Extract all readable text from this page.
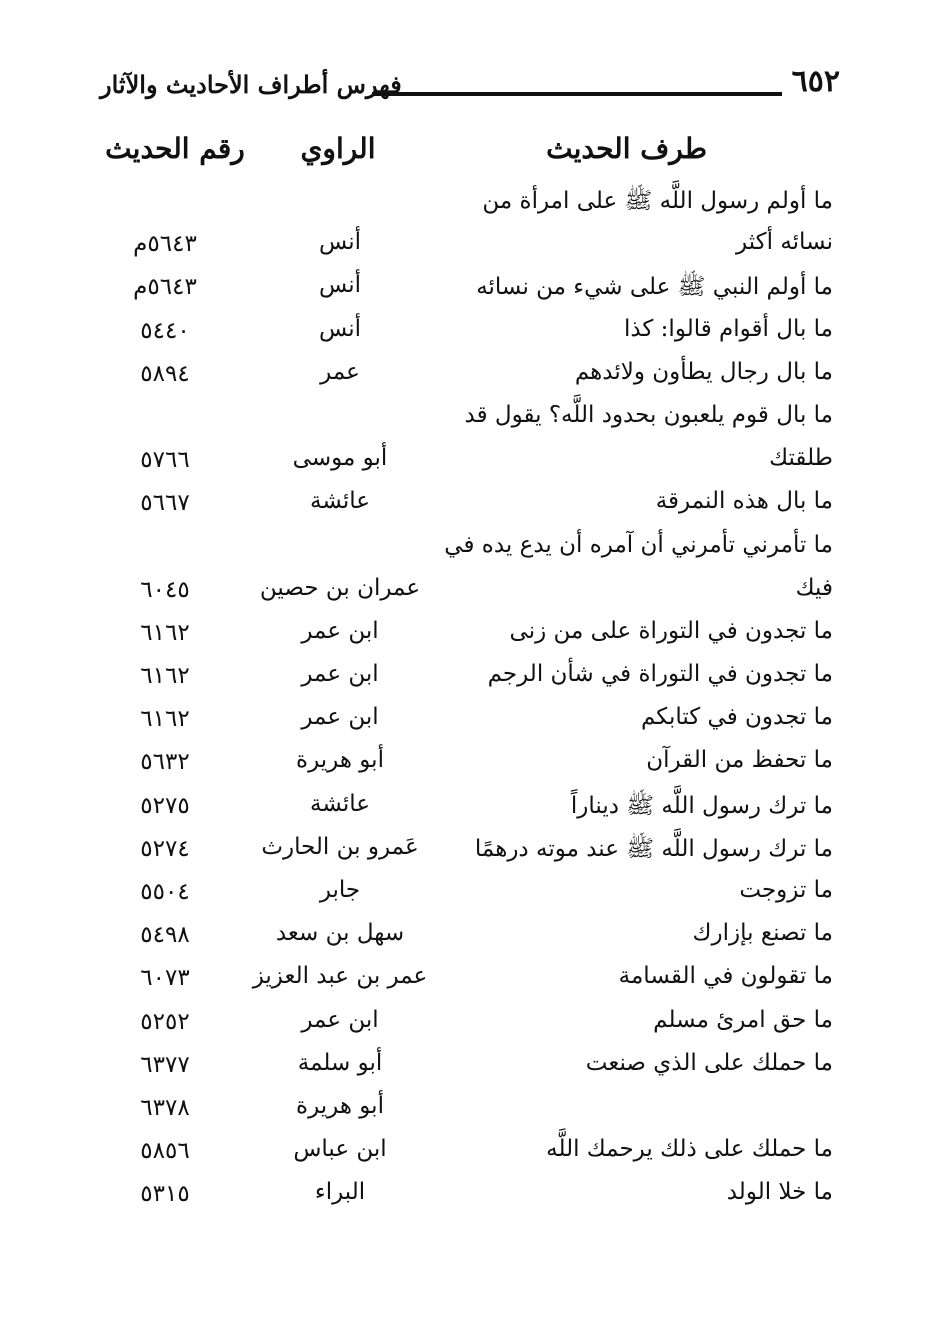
٦٥٢
فهرس أطراف الأحاديث والآثار
طرف الحديث
الراوي
رقم الحديث
ما أولم رسول اللَّه ﷺ على امرأة من
نسائه أكثر
أنس
٥٦٤٣م
ما أولم النبي ﷺ على شيء من نسائه
أنس
٥٦٤٣م
ما بال أقوام قالوا: كذا
أنس
٥٤٤٠
ما بال رجال يطأون ولائدهم
عمر
٥٨٩٤
ما بال قوم يلعبون بحدود اللَّه؟ يقول قد
طلقتك
أبو موسى
٥٧٦٦
ما بال هذه النمرقة
عائشة
٥٦٦٧
ما تأمرني تأمرني أن آمره أن يدع يده في
فيك
عمران بن حصين
٦٠٤٥
ما تجدون في التوراة على من زنى
ابن عمر
٦١٦٢
ما تجدون في التوراة في شأن الرجم
ابن عمر
٦١٦٢
ما تجدون في كتابكم
ابن عمر
٦١٦٢
ما تحفظ من القرآن
أبو هريرة
٥٦٣٢
ما ترك رسول اللَّه ﷺ ديناراً
عائشة
٥٢٧٥
ما ترك رسول اللَّه ﷺ عند موته درهمًا
عَمرو بن الحارث
٥٢٧٤
ما تزوجت
جابر
٥٥٠٤
ما تصنع بإزارك
سهل بن سعد
٥٤٩٨
ما تقولون في القسامة
عمر بن عبد العزيز
٦٠٧٣
ما حق امرئ مسلم
ابن عمر
٥٢٥٢
ما حملك على الذي صنعت
أبو سلمة
٦٣٧٧
أبو هريرة
٦٣٧٨
ما حملك على ذلك يرحمك اللَّه
ابن عباس
٥٨٥٦
ما خلا الولد
البراء
٥٣١٥
